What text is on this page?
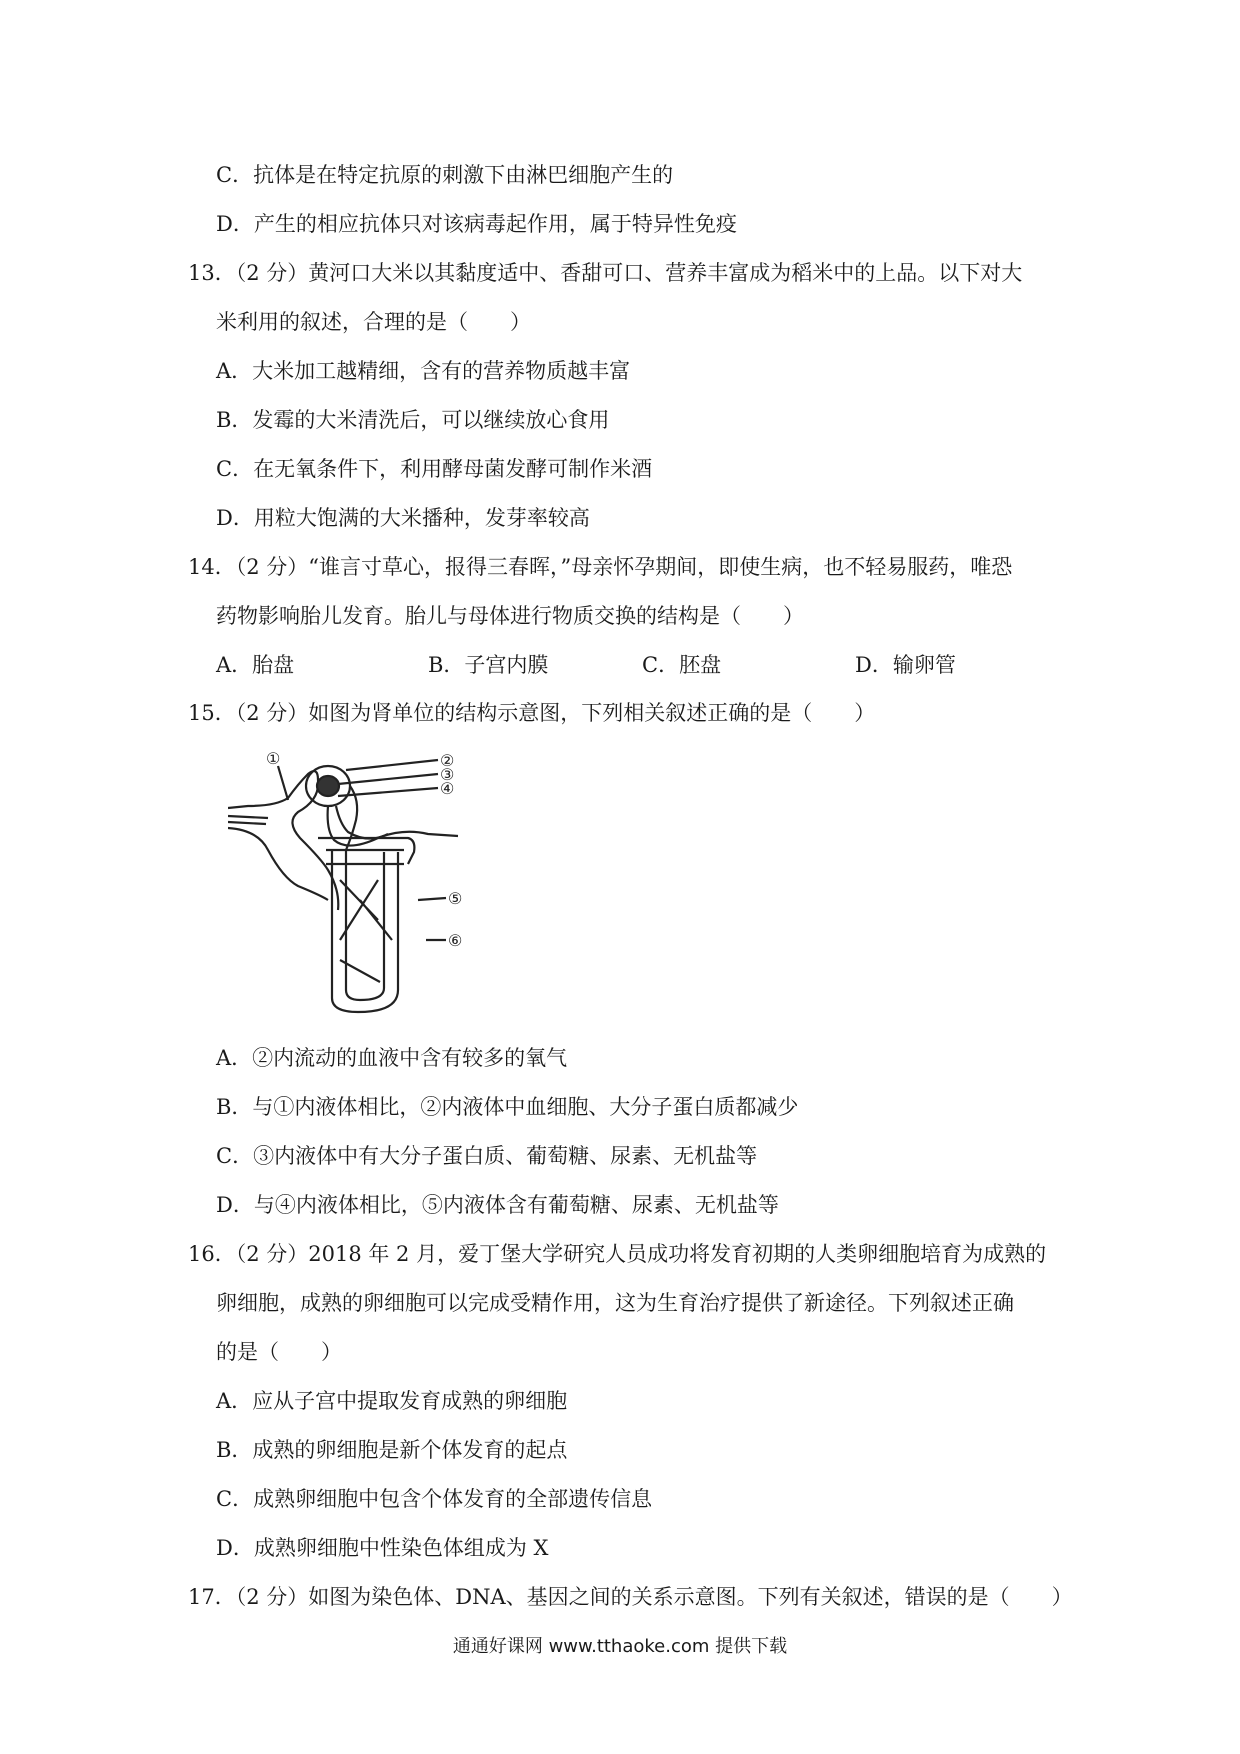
C．抗体是在特定抗原的刺激下由淋巴细胞产生的
D．产生的相应抗体只对该病毒起作用，属于特异性免疫
13．（2 分）黄河口大米以其黏度适中、香甜可口、营养丰富成为稻米中的上品。以下对大
米利用的叙述，合理的是（　　）
A．大米加工越精细，含有的营养物质越丰富
B．发霉的大米清洗后，可以继续放心食用
C．在无氧条件下，利用酵母菌发酵可制作米酒
D．用粒大饱满的大米播种，发芽率较高
14．（2 分）“谁言寸草心，报得三春晖，”母亲怀孕期间，即使生病，也不轻易服药，唯恐
药物影响胎儿发育。胎儿与母体进行物质交换的结构是（　　）
A．胎盘	B．子宫内膜	C．胚盘	D．输卵管
15．（2 分）如图为肾单位的结构示意图，下列相关叙述正确的是（　　）
①	②
③
④
⑤
⑥
A．②内流动的血液中含有较多的氧气
B．与①内液体相比，②内液体中血细胞、大分子蛋白质都减少
C．③内液体中有大分子蛋白质、葡萄糖、尿素、无机盐等
D．与④内液体相比，⑤内液体含有葡萄糖、尿素、无机盐等
16．（2 分）2018 年 2 月，爱丁堡大学研究人员成功将发育初期的人类卵细胞培育为成熟的
卵细胞，成熟的卵细胞可以完成受精作用，这为生育治疗提供了新途径。下列叙述正确
的是（　　）
A．应从子宫中提取发育成熟的卵细胞
B．成熟的卵细胞是新个体发育的起点
C．成熟卵细胞中包含个体发育的全部遗传信息
D．成熟卵细胞中性染色体组成为 X
17．（2 分）如图为染色体、DNA、基因之间的关系示意图。下列有关叙述，错误的是（　　）
通通好课网 www.tthaoke.com 提供下载
